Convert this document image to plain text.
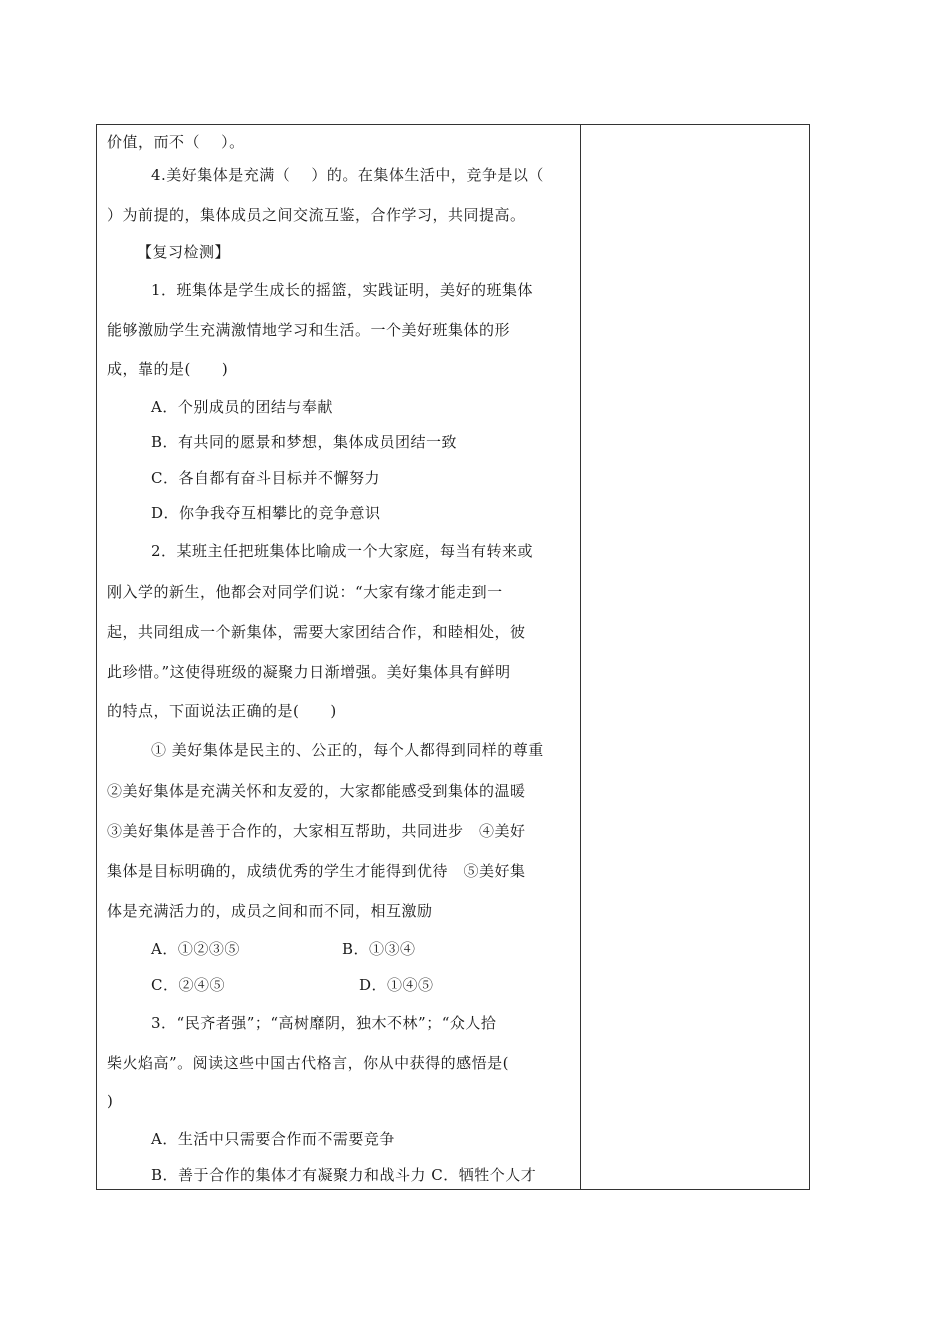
价值，而不（    ）。
4.美好集体是充满（    ）的。在集体生活中，竞争是以（
）为前提的，集体成员之间交流互鉴，合作学习，共同提高。
【复习检测】
1．班集体是学生成长的摇篮，实践证明，美好的班集体
能够激励学生充满激情地学习和生活。一个美好班集体的形
成，靠的是(　　)
A．个别成员的团结与奉献
B．有共同的愿景和梦想，集体成员团结一致
C．各自都有奋斗目标并不懈努力
D．你争我夺互相攀比的竞争意识
2．某班主任把班集体比喻成一个大家庭，每当有转来或
刚入学的新生，他都会对同学们说：“大家有缘才能走到一
起，共同组成一个新集体，需要大家团结合作，和睦相处，彼
此珍惜。”这使得班级的凝聚力日渐增强。美好集体具有鲜明
的特点，下面说法正确的是(　　)
① 美好集体是民主的、公正的，每个人都得到同样的尊重
②美好集体是充满关怀和友爱的，大家都能感受到集体的温暖
③美好集体是善于合作的，大家相互帮助，共同进步　④美好
集体是目标明确的，成绩优秀的学生才能得到优待　⑤美好集
体是充满活力的，成员之间和而不同，相互激励
A．①②③⑤	B．①③④
C．②④⑤	D．①④⑤
3．“民齐者强”；“高树靡阴，独木不林”；“众人拾
柴火焰高”。阅读这些中国古代格言，你从中获得的感悟是(
)
A．生活中只需要合作而不需要竞争
B．善于合作的集体才有凝聚力和战斗力 C．牺牲个人才
